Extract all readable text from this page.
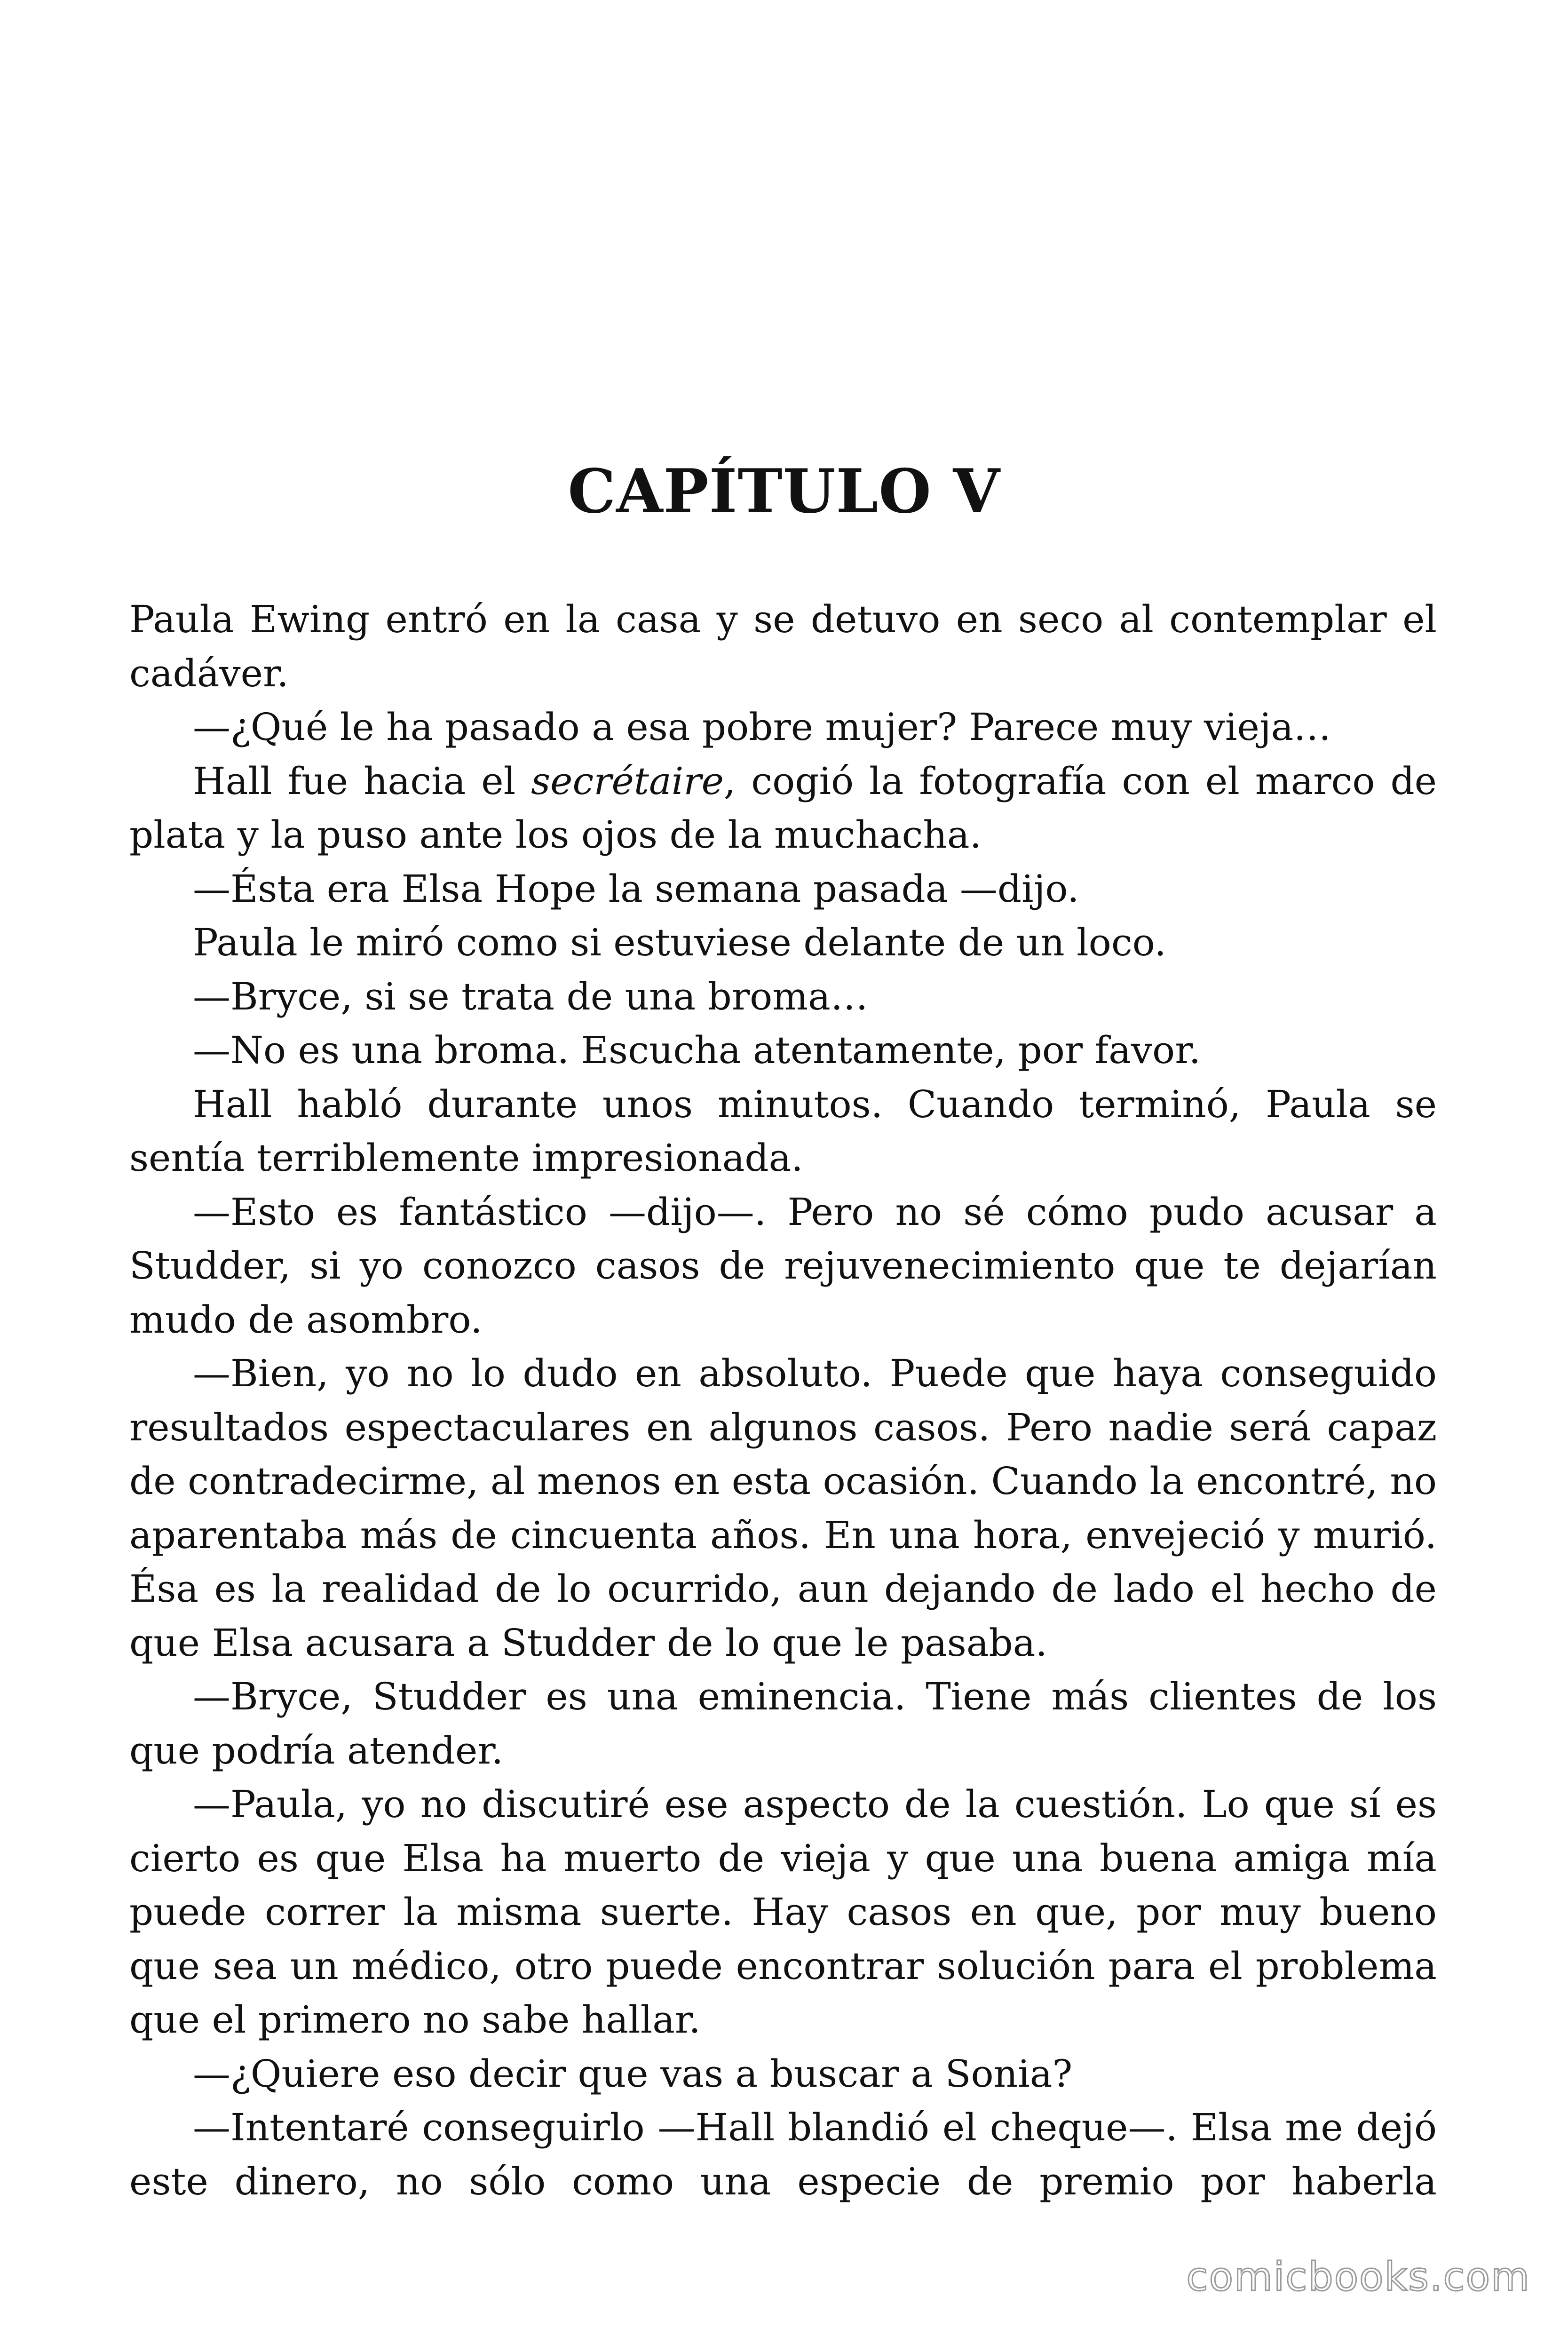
CAPÍTULO V

Paula Ewing entró en la casa y se detuvo en seco al contemplar el cadáver.

—¿Qué le ha pasado a esa pobre mujer? Parece muy vieja…

Hall fue hacia el secrétaire, cogió la fotografía con el marco de plata y la puso ante los ojos de la muchacha.

—Ésta era Elsa Hope la semana pasada —dijo.

Paula le miró como si estuviese delante de un loco.

—Bryce, si se trata de una broma…

—No es una broma. Escucha atentamente, por favor.

Hall habló durante unos minutos. Cuando terminó, Paula se sentía terriblemente impresionada.

—Esto es fantástico —dijo—. Pero no sé cómo pudo acusar a Studder, si yo conozco casos de rejuvenecimiento que te dejarían mudo de asombro.

—Bien, yo no lo dudo en absoluto. Puede que haya conseguido resultados espectaculares en algunos casos. Pero nadie será capaz de contradecirme, al menos en esta ocasión. Cuando la encontré, no aparentaba más de cincuenta años. En una hora, envejeció y murió. Ésa es la realidad de lo ocurrido, aun dejando de lado el hecho de que Elsa acusara a Studder de lo que le pasaba.

—Bryce, Studder es una eminencia. Tiene más clientes de los que podría atender.

—Paula, yo no discutiré ese aspecto de la cuestión. Lo que sí es cierto es que Elsa ha muerto de vieja y que una buena amiga mía puede correr la misma suerte. Hay casos en que, por muy bueno que sea un médico, otro puede encontrar solución para el problema que el primero no sabe hallar.

—¿Quiere eso decir que vas a buscar a Sonia?

—Intentaré conseguirlo —Hall blandió el cheque—. Elsa me dejó este dinero, no sólo como una especie de premio por haberla

comicbooks.com
